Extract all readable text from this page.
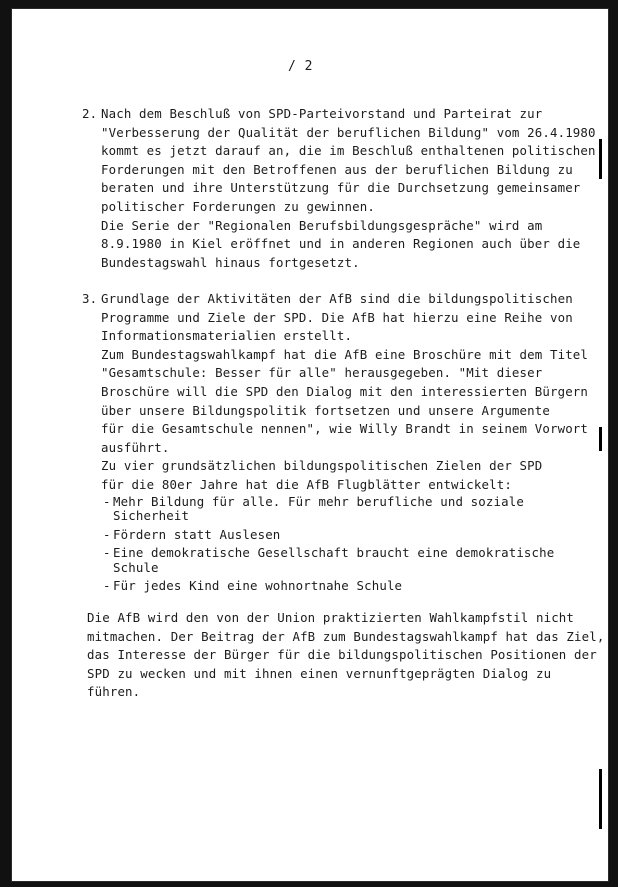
/ 2
2. Nach dem Beschluß von SPD-Parteivorstand und Parteirat zur
"Verbesserung der Qualität der beruflichen Bildung" vom 26.4.1980
kommt es jetzt darauf an, die im Beschluß enthaltenen politischen
Forderungen mit den Betroffenen aus der beruflichen Bildung zu
beraten und ihre Unterstützung für die Durchsetzung gemeinsamer
politischer Forderungen zu gewinnen.
Die Serie der "Regionalen Berufsbildungsgespräche" wird am
8.9.1980 in Kiel eröffnet und in anderen Regionen auch über die
Bundestagswahl hinaus fortgesetzt.
3. Grundlage der Aktivitäten der AfB sind die bildungspolitischen
Programme und Ziele der SPD. Die AfB hat hierzu eine Reihe von
Informationsmaterialien erstellt.
Zum Bundestagswahlkampf hat die AfB eine Broschüre mit dem Titel
"Gesamtschule: Besser für alle" herausgegeben. "Mit dieser
Broschüre will die SPD den Dialog mit den interessierten Bürgern
über unsere Bildungspolitik fortsetzen und unsere Argumente
für die Gesamtschule nennen", wie Willy Brandt in seinem Vorwort
ausführt.
Zu vier grundsätzlichen bildungspolitischen Zielen der SPD
für die 80er Jahre hat die AfB Flugblätter entwickelt:
- Mehr Bildung für alle. Für mehr berufliche und soziale
Sicherheit
- Fördern statt Auslesen
- Eine demokratische Gesellschaft braucht eine demokratische
Schule
- Für jedes Kind eine wohnortnahe Schule
Die AfB wird den von der Union praktizierten Wahlkampfstil nicht
mitmachen. Der Beitrag der AfB zum Bundestagswahlkampf hat das Ziel,
das Interesse der Bürger für die bildungspolitischen Positionen der
SPD zu wecken und mit ihnen einen vernunftgeprägten Dialog zu
führen.
